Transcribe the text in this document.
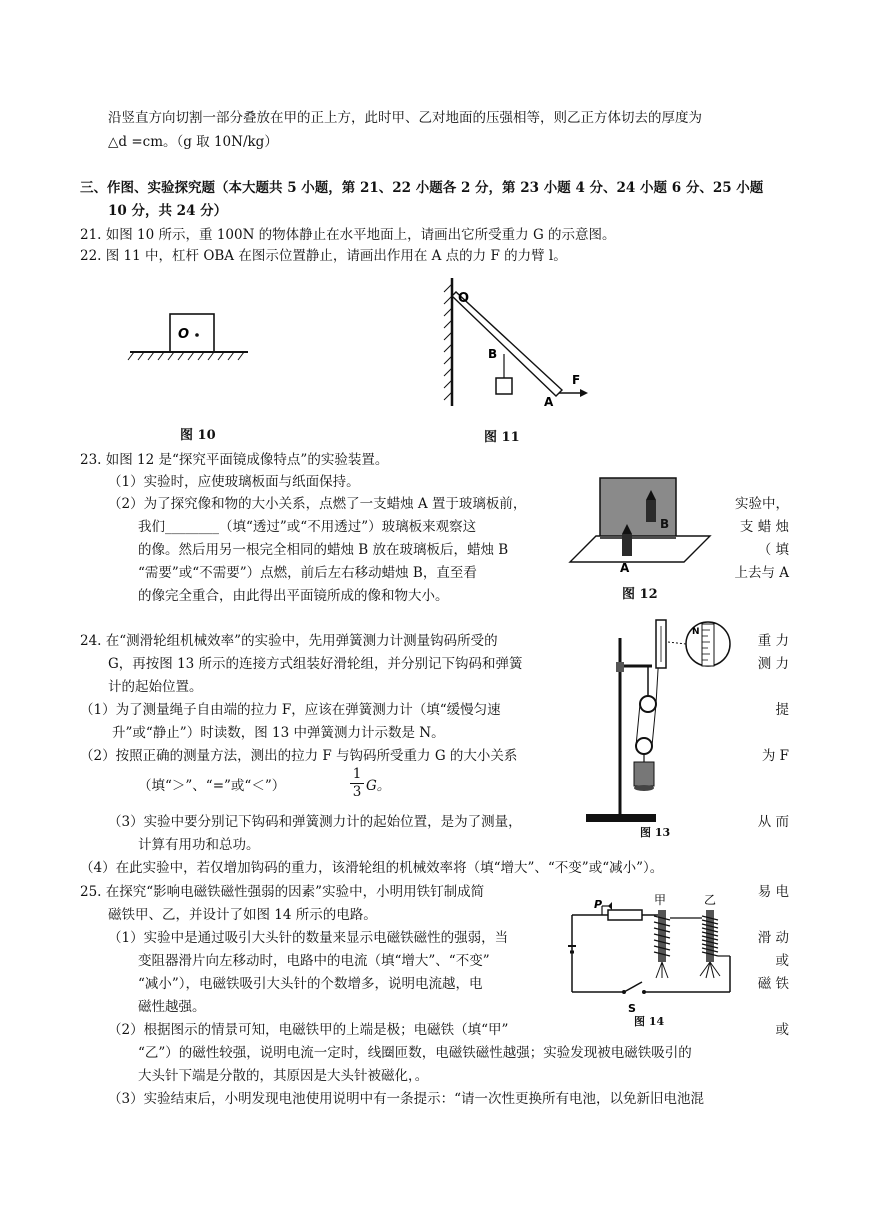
沿竖直方向切割一部分叠放在甲的正上方，此时甲、乙对地面的压强相等，则乙正方体切去的厚度为
△d =cm。（g 取 10N/kg）
三、作图、实验探究题（本大题共 5 小题，第 21、22 小题各 2 分，第 23 小题 4 分、24 小题 6 分、25 小题
10 分，共 24 分）
21. 如图 10 所示，重 100N 的物体静止在水平地面上，请画出它所受重力 G 的示意图。
22. 图 11 中，杠杆 OBA 在图示位置静止，请画出作用在 A 点的力 F 的力臂 l。
O
图 10
O
B
A
F
图 11
23. 如图 12 是“探究平面镜成像特点”的实验装置。
（1）实验时，应使玻璃板面与纸面保持。
（2）为了探究像和物的大小关系，点燃了一支蜡烛 A 置于玻璃板前，	实验中，
我们________（填“透过”或“不用透过”）玻璃板来观察这	支 蜡 烛
的像。然后用另一根完全相同的蜡烛 B 放在玻璃板后，蜡烛 B	（ 填
“需要”或“不需要”）点燃，前后左右移动蜡烛 B，直至看	上去与 A
的像完全重合，由此得出平面镜所成的像和物大小。
B
A
图 12
24. 在“测滑轮组机械效率”的实验中，先用弹簧测力计测量钩码所受的	重 力
G，再按图 13 所示的连接方式组装好滑轮组，并分别记下钩码和弹簧	测 力
计的起始位置。
（1）为了测量绳子自由端的拉力 F，应该在弹簧测力计（填“缓慢匀速	提
升”或“静止”）时读数，图 13 中弹簧测力计示数是 N。
（2）按照正确的测量方法，测出的拉力 F 与钩码所受重力 G 的大小关系	为 F
（填“＞”、“=”或“＜”）	$\frac{1}{3}$ G。
（3）实验中要分别记下钩码和弹簧测力计的起始位置，是为了测量，	从 而
计算有用功和总功。
（4）在此实验中，若仅增加钩码的重力，该滑轮组的机械效率将（填“增大”、“不变”或“减小”）。
N
图 13
25. 在探究“影响电磁铁磁性强弱的因素”实验中，小明用铁钉制成简	易 电
磁铁甲、乙，并设计了如图 14 所示的电路。
（1）实验中是通过吸引大头针的数量来显示电磁铁磁性的强弱，当	滑 动
变阻器滑片向左移动时，电路中的电流（填“增大”、“不变”	或
“减小”），电磁铁吸引大头针的个数增多，说明电流越，电	磁 铁
磁性越强。
（2）根据图示的情景可知，电磁铁甲的上端是极；电磁铁（填“甲”	或
“乙”）的磁性较强，说明电流一定时，线圈匝数，电磁铁磁性越强；实验发现被电磁铁吸引的
大头针下端是分散的，其原因是大头针被磁化，。
（3）实验结束后，小明发现电池使用说明中有一条提示：“请一次性更换所有电池，以免新旧电池混
P	甲	乙
S
图 14
